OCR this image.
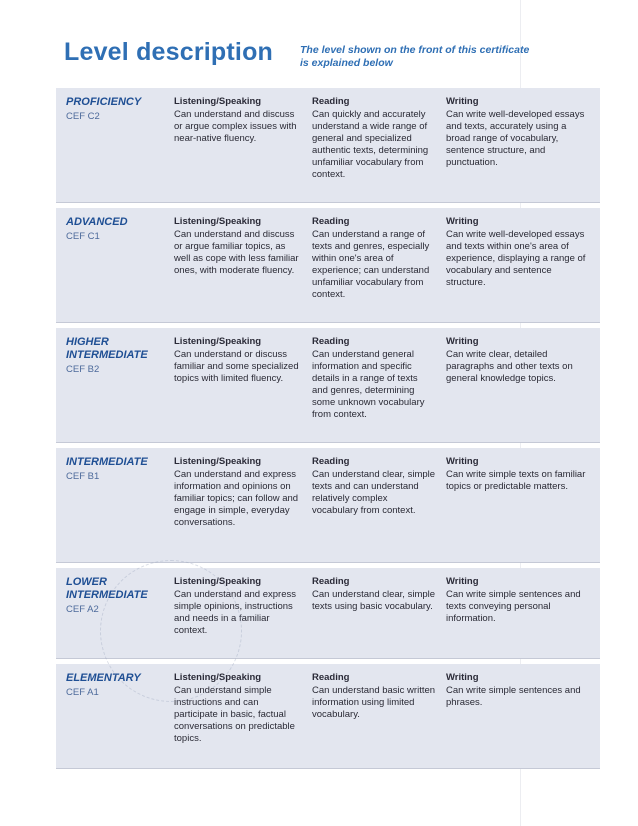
Level description	The level shown on the front of this certificate is explained below
PROFICIENCY
CEF C2
Listening/Speaking
Can understand and discuss or argue complex issues with near-native fluency.
Reading
Can quickly and accurately understand a wide range of general and specialized authentic texts, determining unfamiliar vocabulary from context.
Writing
Can write well-developed essays and texts, accurately using a broad range of vocabulary, sentence structure, and punctuation.
ADVANCED
CEF C1
Listening/Speaking
Can understand and discuss or argue familiar topics, as well as cope with less familiar ones, with moderate fluency.
Reading
Can understand a range of texts and genres, especially within one's area of experience; can understand unfamiliar vocabulary from context.
Writing
Can write well-developed essays and texts within one's area of experience, displaying a range of vocabulary and sentence structure.
HIGHER INTERMEDIATE
CEF B2
Listening/Speaking
Can understand or discuss familiar and some specialized topics with limited fluency.
Reading
Can understand general information and specific details in a range of texts and genres, determining some unknown vocabulary from context.
Writing
Can write clear, detailed paragraphs and other texts on general knowledge topics.
INTERMEDIATE
CEF B1
Listening/Speaking
Can understand and express information and opinions on familiar topics; can follow and engage in simple, everyday conversations.
Reading
Can understand clear, simple texts and can understand relatively complex vocabulary from context.
Writing
Can write simple texts on familiar topics or predictable matters.
LOWER INTERMEDIATE
CEF A2
Listening/Speaking
Can understand and express simple opinions, instructions and needs in a familiar context.
Reading
Can understand clear, simple texts using basic vocabulary.
Writing
Can write simple sentences and texts conveying personal information.
ELEMENTARY
CEF A1
Listening/Speaking
Can understand simple instructions and can participate in basic, factual conversations on predictable topics.
Reading
Can understand basic written information using limited vocabulary.
Writing
Can write simple sentences and phrases.
